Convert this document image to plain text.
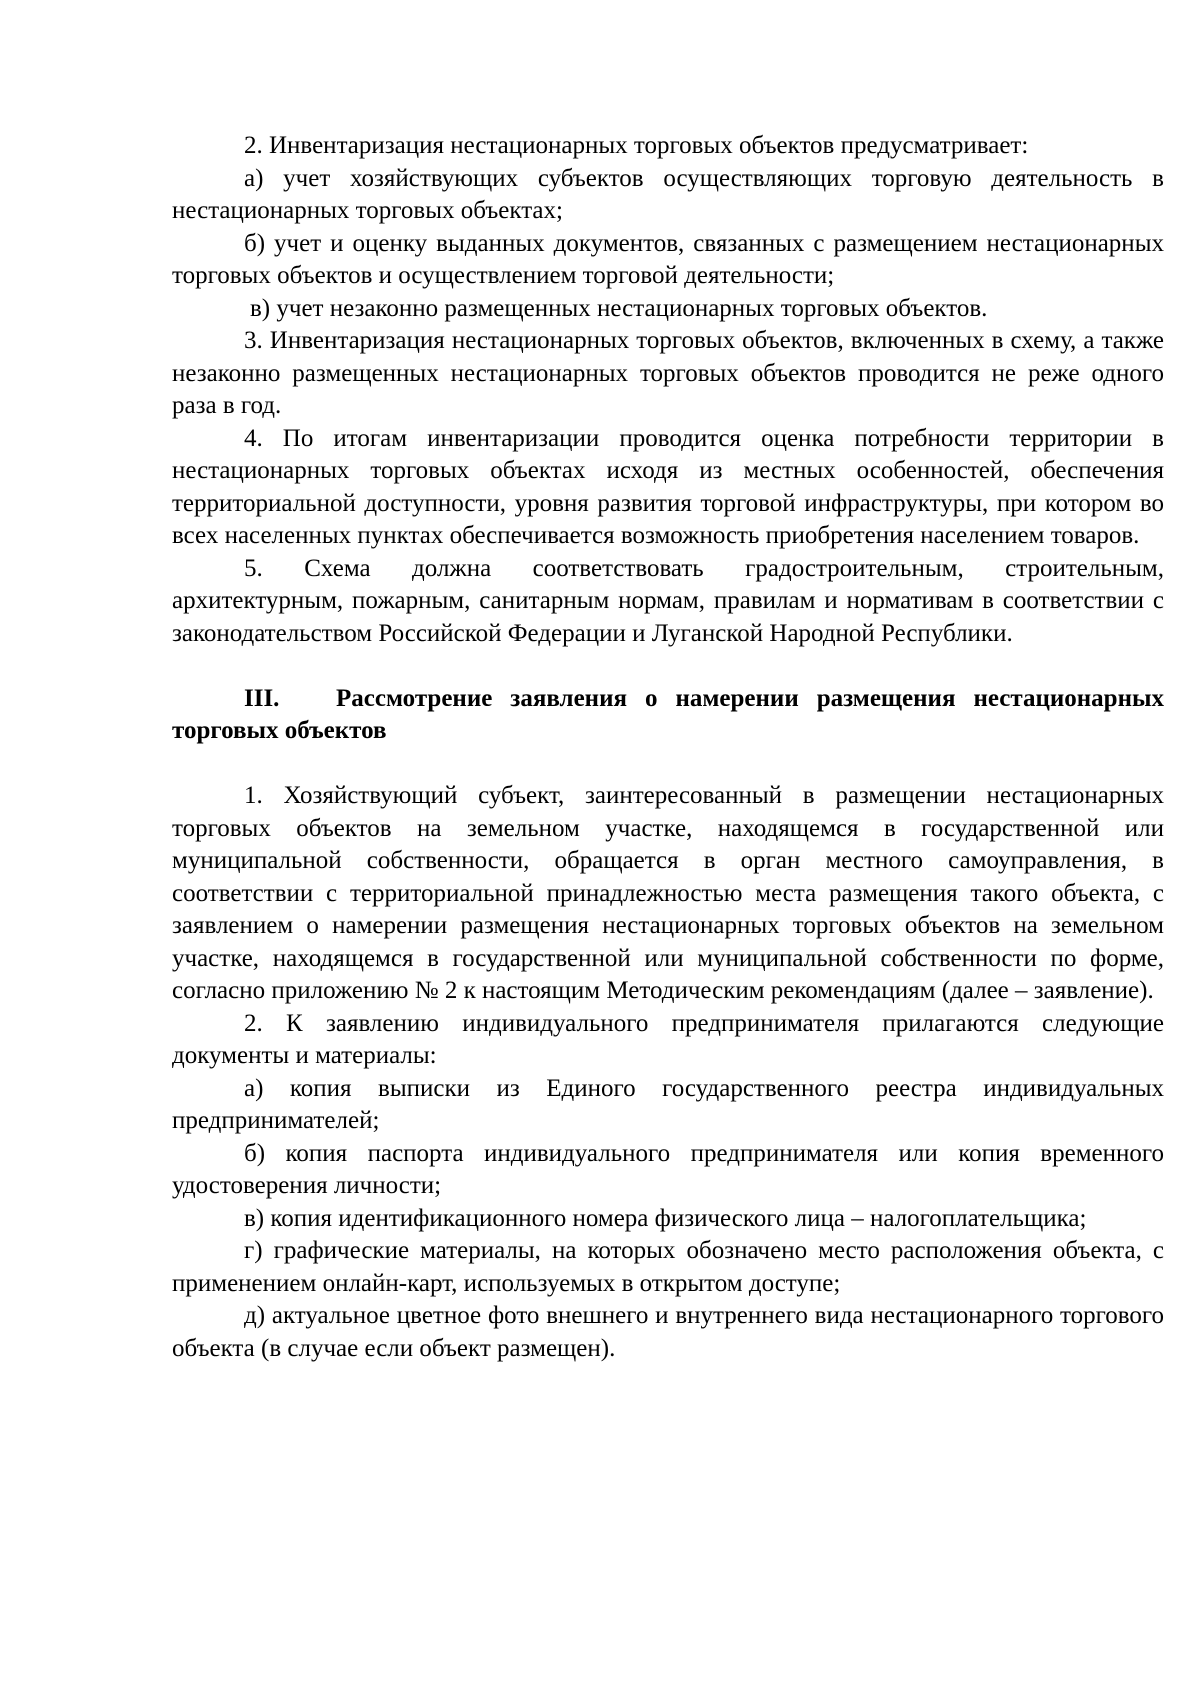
2. Инвентаризация нестационарных торговых объектов предусматривает:

а) учет хозяйствующих субъектов осуществляющих торговую деятельность в нестационарных торговых объектах;

б) учет и оценку выданных документов, связанных с размещением нестационарных торговых объектов и осуществлением торговой деятельности;

в) учет незаконно размещенных нестационарных торговых объектов.

3. Инвентаризация нестационарных торговых объектов, включенных в схему, а также незаконно размещенных нестационарных торговых объектов проводится не реже одного раза в год.

4. По итогам инвентаризации проводится оценка потребности территории в нестационарных торговых объектах исходя из местных особенностей, обеспечения территориальной доступности, уровня развития торговой инфраструктуры, при котором во всех населенных пунктах обеспечивается возможность приобретения населением товаров.

5. Схема должна соответствовать градостроительным, строительным, архитектурным, пожарным, санитарным нормам, правилам и нормативам в соответствии с законодательством Российской Федерации и Луганской Народной Республики.

III. Рассмотрение заявления о намерении размещения нестационарных торговых объектов

1. Хозяйствующий субъект, заинтересованный в размещении нестационарных торговых объектов на земельном участке, находящемся в государственной или муниципальной собственности, обращается в орган местного самоуправления, в соответствии с территориальной принадлежностью места размещения такого объекта, с заявлением о намерении размещения нестационарных торговых объектов на земельном участке, находящемся в государственной или муниципальной собственности по форме, согласно приложению № 2 к настоящим Методическим рекомендациям (далее – заявление).

2. К заявлению индивидуального предпринимателя прилагаются следующие документы и материалы:

а) копия выписки из Единого государственного реестра индивидуальных предпринимателей;

б) копия паспорта индивидуального предпринимателя или копия временного удостоверения личности;

в) копия идентификационного номера физического лица – налогоплательщика;

г) графические материалы, на которых обозначено место расположения объекта, с применением онлайн-карт, используемых в открытом доступе;

д) актуальное цветное фото внешнего и внутреннего вида нестационарного торгового объекта (в случае если объект размещен).
